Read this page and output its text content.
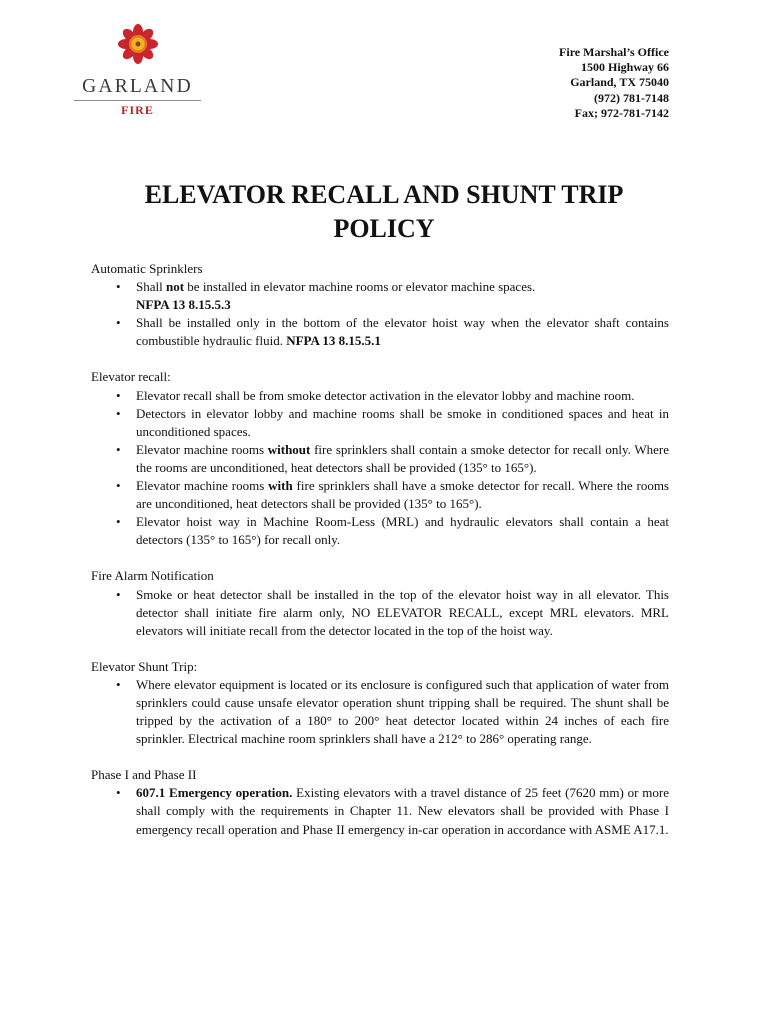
GARLAND
FIRE
Fire Marshal’s Office
1500 Highway 66
Garland, TX 75040
(972) 781-7148
Fax; 972-781-7142
ELEVATOR RECALL AND SHUNT TRIP
POLICY

Automatic Sprinklers

• Shall not be installed in elevator machine rooms or elevator machine spaces.
NFPA 13 8.15.5.3
• Shall be installed only in the bottom of the elevator hoist way when the elevator shaft contains combustible hydraulic fluid. NFPA 13 8.15.5.1

Elevator recall:

• Elevator recall shall be from smoke detector activation in the elevator lobby and machine room.
• Detectors in elevator lobby and machine rooms shall be smoke in conditioned spaces and heat in unconditioned spaces.
• Elevator machine rooms without fire sprinklers shall contain a smoke detector for recall only. Where the rooms are unconditioned, heat detectors shall be provided (135° to 165°).
• Elevator machine rooms with fire sprinklers shall have a smoke detector for recall. Where the rooms are unconditioned, heat detectors shall be provided (135° to 165°).
• Elevator hoist way in Machine Room-Less (MRL) and hydraulic elevators shall contain a heat detectors (135° to 165°) for recall only.

Fire Alarm Notification

• Smoke or heat detector shall be installed in the top of the elevator hoist way in all elevator. This detector shall initiate fire alarm only, NO ELEVATOR RECALL, except MRL elevators. MRL elevators will initiate recall from the detector located in the top of the hoist way.

Elevator Shunt Trip:

• Where elevator equipment is located or its enclosure is configured such that application of water from sprinklers could cause unsafe elevator operation shunt tripping shall be required. The shunt shall be tripped by the activation of a 180° to 200° heat detector located within 24 inches of each fire sprinkler. Electrical machine room sprinklers shall have a 212° to 286° operating range.

Phase I and Phase II

• 607.1 Emergency operation. Existing elevators with a travel distance of 25 feet (7620 mm) or more shall comply with the requirements in Chapter 11. New elevators shall be provided with Phase I emergency recall operation and Phase II emergency in-car operation in accordance with ASME A17.1.
